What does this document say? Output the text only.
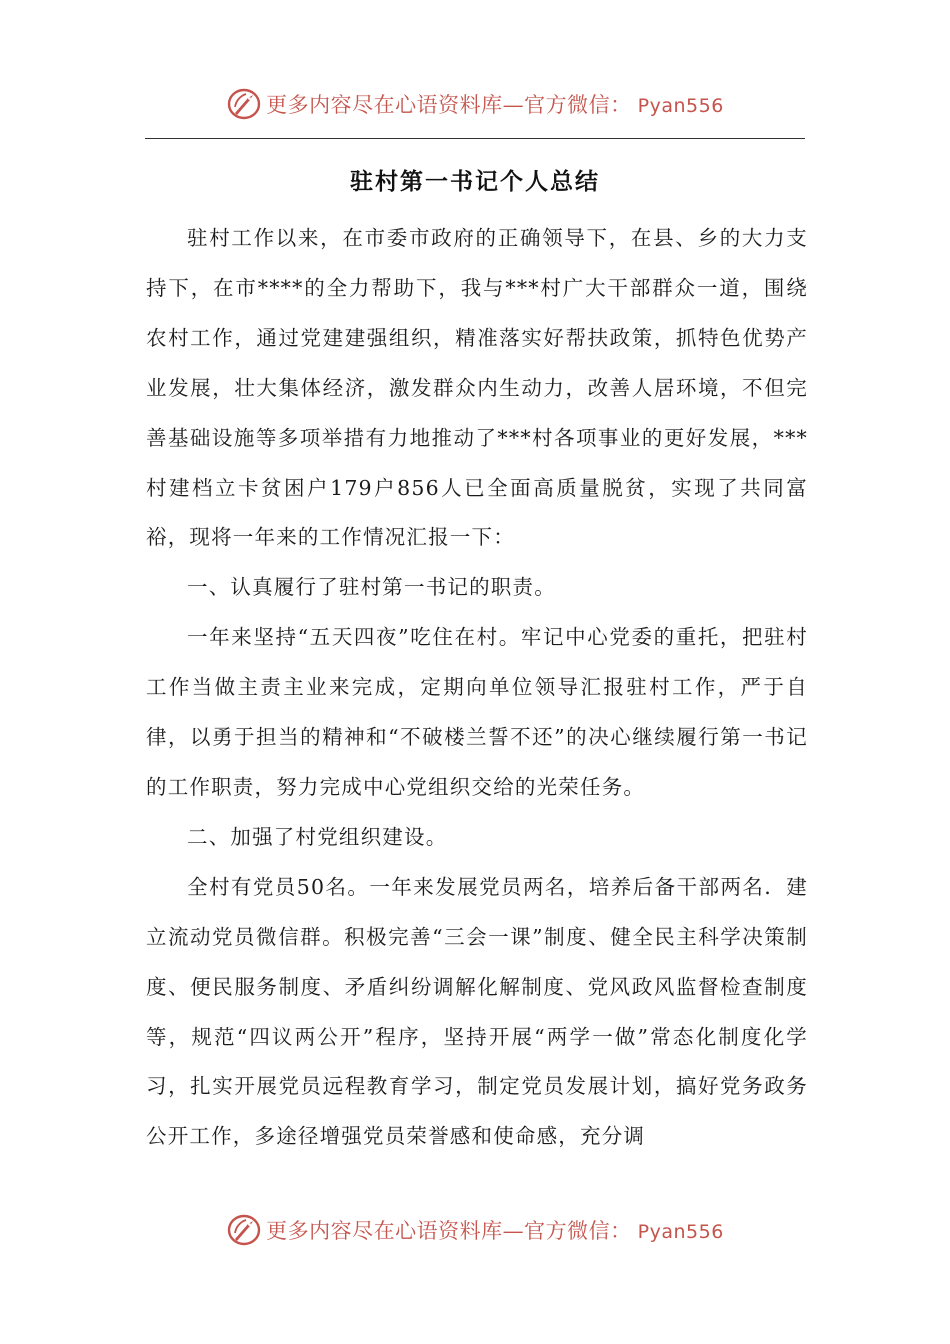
更多内容尽在心语资料库—官方微信： Pyan556
驻村第一书记个人总结

驻村工作以来，在市委市政府的正确领导下，在县、乡的大力支持下，在市****的全力帮助下，我与***村广大干部群众一道，围绕农村工作，通过党建建强组织，精准落实好帮扶政策，抓特色优势产业发展，壮大集体经济，激发群众内生动力，改善人居环境，不但完善基础设施等多项举措有力地推动了***村各项事业的更好发展，***村建档立卡贫困户179户856人已全面高质量脱贫，实现了共同富裕，现将一年来的工作情况汇报一下：

一、认真履行了驻村第一书记的职责。

一年来坚持“五天四夜”吃住在村。牢记中心党委的重托，把驻村工作当做主责主业来完成，定期向单位领导汇报驻村工作，严于自律，以勇于担当的精神和“不破楼兰誓不还”的决心继续履行第一书记的工作职责，努力完成中心党组织交给的光荣任务。

二、加强了村党组织建设。

全村有党员50名。一年来发展党员两名，培养后备干部两名．建立流动党员微信群。积极完善“三会一课”制度、健全民主科学决策制度、便民服务制度、矛盾纠纷调解化解制度、党风政风监督检查制度等，规范“四议两公开”程序，坚持开展“两学一做”常态化制度化学习，扎实开展党员远程教育学习，制定党员发展计划，搞好党务政务公开工作，多途径增强党员荣誉感和使命感，充分调

更多内容尽在心语资料库—官方微信： Pyan556
